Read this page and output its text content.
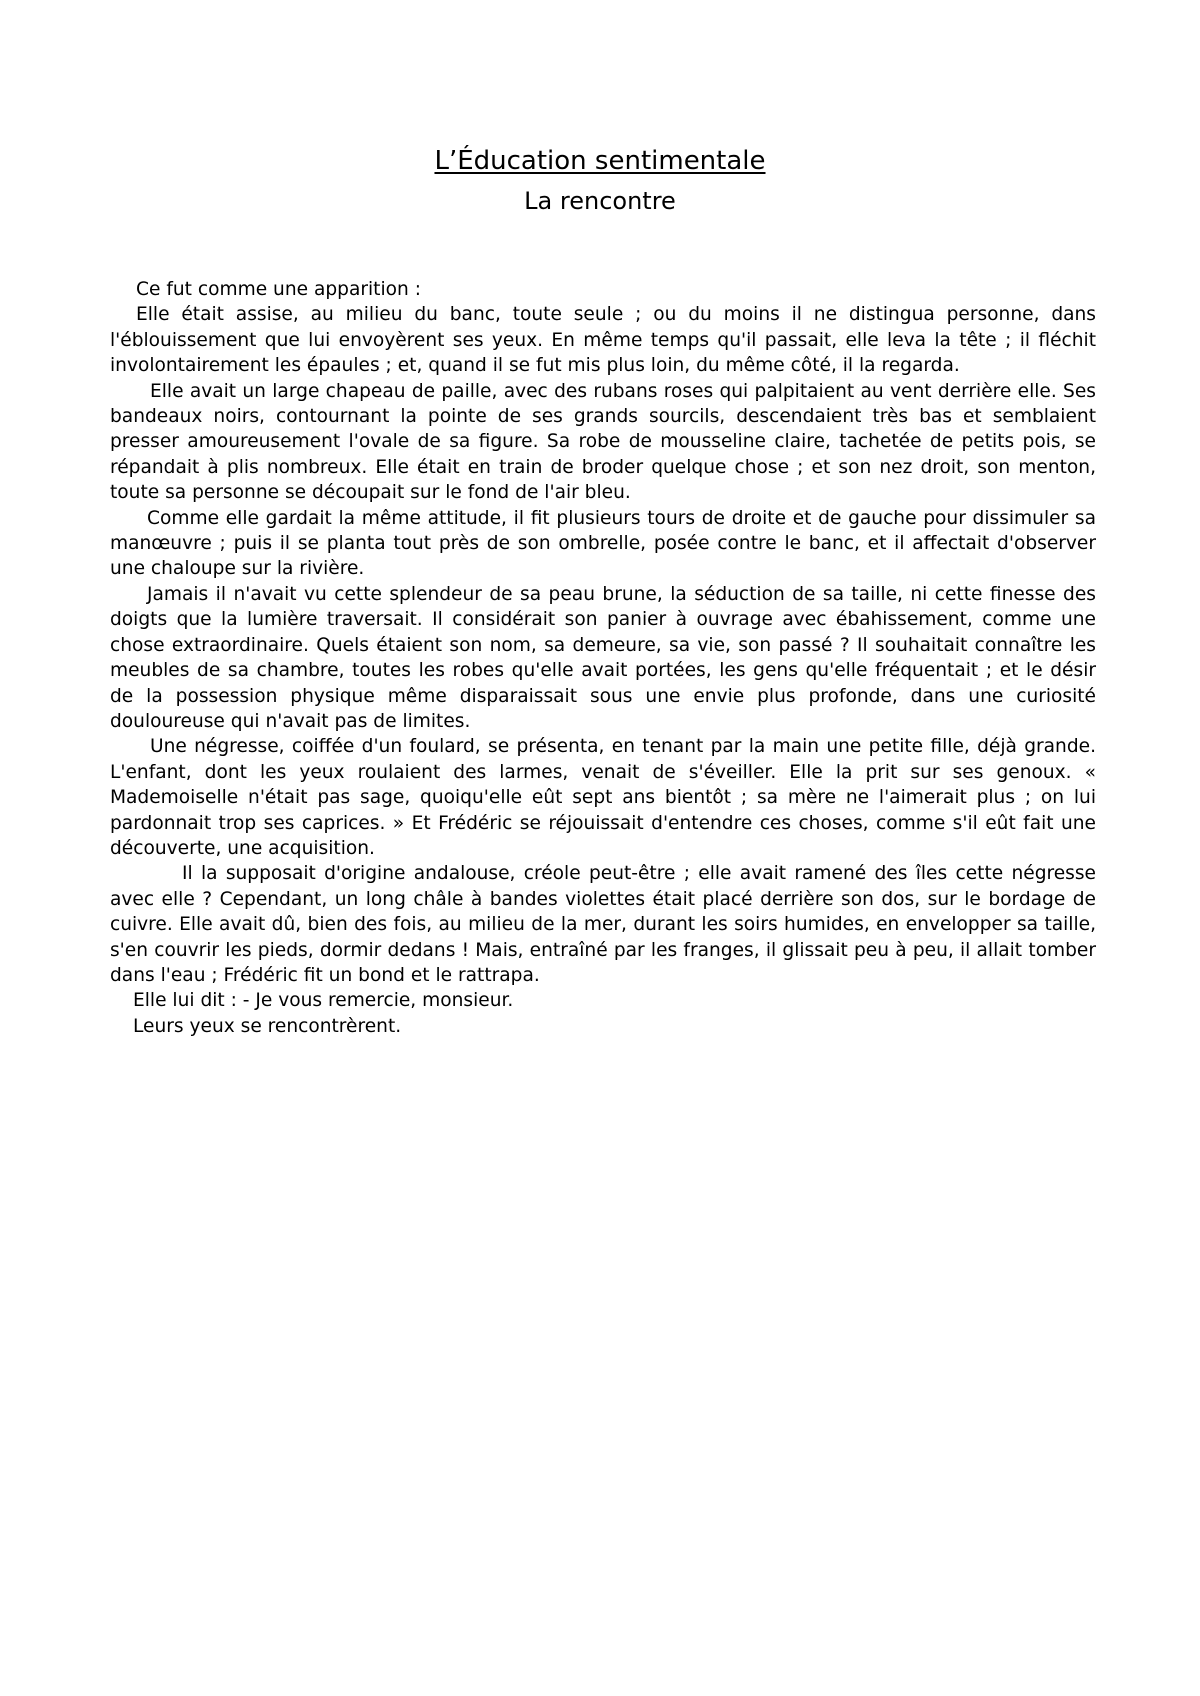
L’Éducation sentimentale
La rencontre

Ce fut comme une apparition :

Elle était assise, au milieu du banc, toute seule ; ou du moins il ne distingua personne, dans l'éblouissement que lui envoyèrent ses yeux. En même temps qu'il passait, elle leva la tête ; il fléchit involontairement les épaules ; et, quand il se fut mis plus loin, du même côté, il la regarda.

Elle avait un large chapeau de paille, avec des rubans roses qui palpitaient au vent derrière elle. Ses bandeaux noirs, contournant la pointe de ses grands sourcils, descendaient très bas et semblaient presser amoureusement l'ovale de sa figure. Sa robe de mousseline claire, tachetée de petits pois, se répandait à plis nombreux. Elle était en train de broder quelque chose ; et son nez droit, son menton, toute sa personne se découpait sur le fond de l'air bleu.

Comme elle gardait la même attitude, il fit plusieurs tours de droite et de gauche pour dissimuler sa manœuvre ; puis il se planta tout près de son ombrelle, posée contre le banc, et il affectait d'observer une chaloupe sur la rivière.

Jamais il n'avait vu cette splendeur de sa peau brune, la séduction de sa taille, ni cette finesse des doigts que la lumière traversait. Il considérait son panier à ouvrage avec ébahissement, comme une chose extraordinaire. Quels étaient son nom, sa demeure, sa vie, son passé ? Il souhaitait connaître les meubles de sa chambre, toutes les robes qu'elle avait portées, les gens qu'elle fréquentait ; et le désir de la possession physique même disparaissait sous une envie plus profonde, dans une curiosité douloureuse qui n'avait pas de limites.

Une négresse, coiffée d'un foulard, se présenta, en tenant par la main une petite fille, déjà grande. L'enfant, dont les yeux roulaient des larmes, venait de s'éveiller. Elle la prit sur ses genoux. « Mademoiselle n'était pas sage, quoiqu'elle eût sept ans bientôt ; sa mère ne l'aimerait plus ; on lui pardonnait trop ses caprices. » Et Frédéric se réjouissait d'entendre ces choses, comme s'il eût fait une découverte, une acquisition.

Il la supposait d'origine andalouse, créole peut-être ; elle avait ramené des îles cette négresse avec elle ? Cependant, un long châle à bandes violettes était placé derrière son dos, sur le bordage de cuivre. Elle avait dû, bien des fois, au milieu de la mer, durant les soirs humides, en envelopper sa taille, s'en couvrir les pieds, dormir dedans ! Mais, entraîné par les franges, il glissait peu à peu, il allait tomber dans l'eau ; Frédéric fit un bond et le rattrapa.

Elle lui dit : - Je vous remercie, monsieur.

Leurs yeux se rencontrèrent.
